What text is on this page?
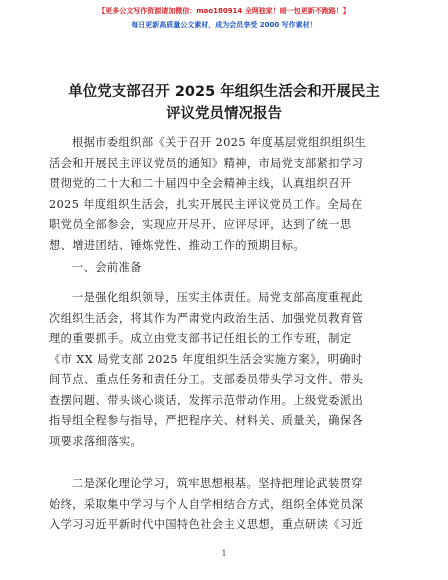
【更多公文写作资源请加微信：mao180914 全网独家！暗一包更新不跑路！】
每日更新高质量公文素材，成为会员享受 2000 写作素材！
单位党支部召开 2025 年组织生活会和开展民主
评议党员情况报告

根据市委组织部《关于召开 2025 年度基层党组织组织生

活会和开展民主评议党员的通知》精神，市局党支部紧扣学习

贯彻党的二十大和二十届四中全会精神主线，认真组织召开

2025 年度组织生活会，扎实开展民主评议党员工作。全局在

职党员全部参会，实现应开尽开、应评尽评，达到了统一思

想、增进团结、锤炼党性、推动工作的预期目标。

一、会前准备

一是强化组织领导，压实主体责任。局党支部高度重视此

次组织生活会，将其作为严肃党内政治生活、加强党员教育管

理的重要抓手。成立由党支部书记任组长的工作专班，制定

《市 XX 局党支部 2025 年度组织生活会实施方案》，明确时

间节点、重点任务和责任分工。支部委员带头学习文件、带头

查摆问题、带头谈心谈话，发挥示范带动作用。上级党委派出

指导组全程参与指导，严把程序关、材料关、质量关，确保各

项要求落细落实。

二是深化理论学习，筑牢思想根基。坚持把理论武装贯穿

始终，采取集中学习与个人自学相结合方式，组织全体党员深

入学习习近平新时代中国特色社会主义思想，重点研读《习近

1
